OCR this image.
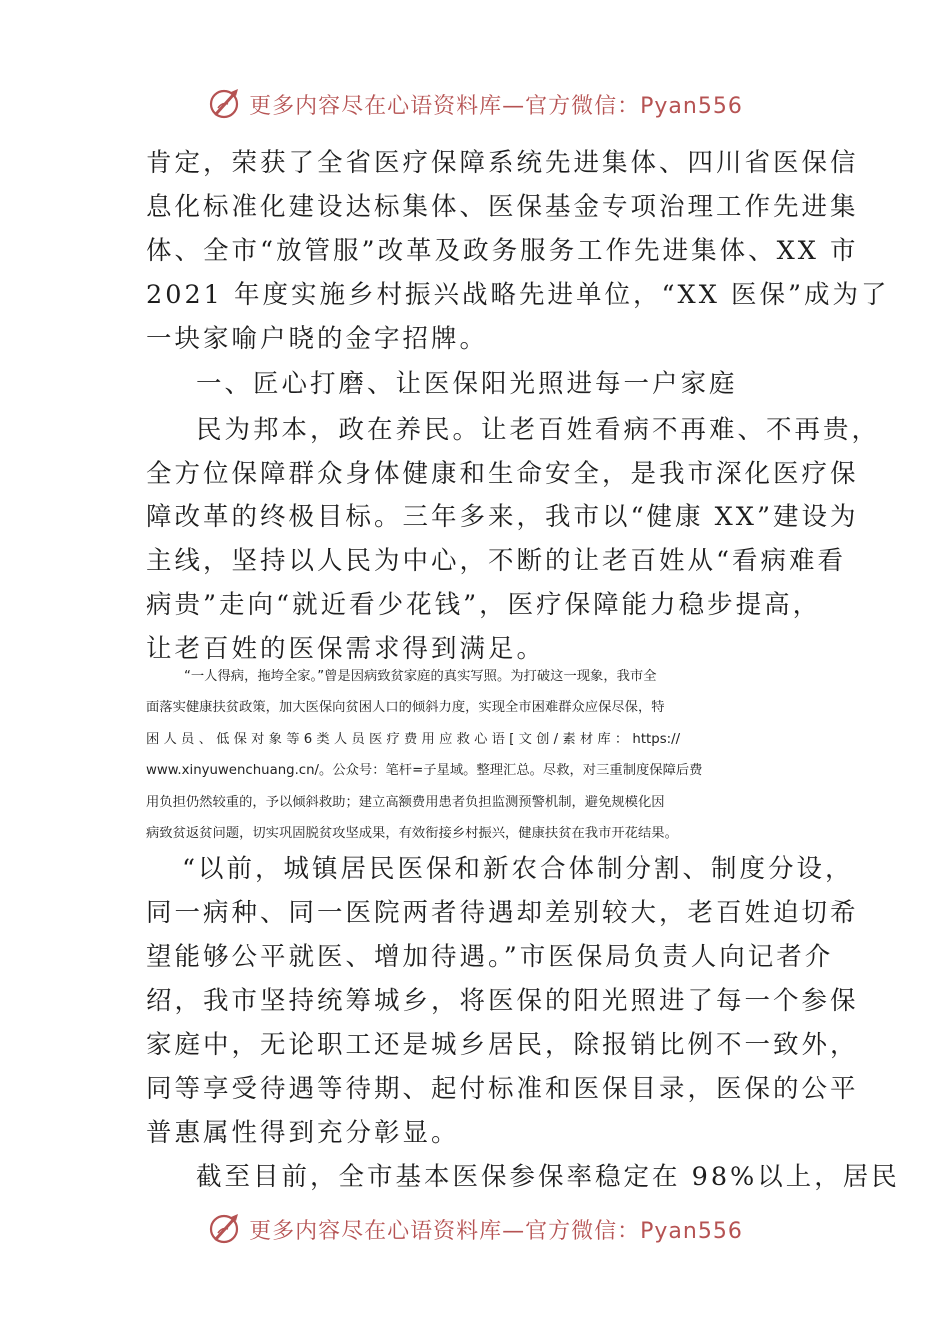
更多内容尽在心语资料库—官方微信：Pyan556
肯定，荣获了全省医疗保障系统先进集体、四川省医保信
息化标准化建设达标集体、医保基金专项治理工作先进集
体、全市“放管服”改革及政务服务工作先进集体、XX 市
2021 年度实施乡村振兴战略先进单位，“XX 医保”成为了
一块家喻户晓的金字招牌。
一、匠心打磨、让医保阳光照进每一户家庭
民为邦本，政在养民。让老百姓看病不再难、不再贵，
全方位保障群众身体健康和生命安全，是我市深化医疗保
障改革的终极目标。三年多来，我市以“健康 XX”建设为
主线，坚持以人民为中心，不断的让老百姓从“看病难看
病贵”走向“就近看少花钱”，医疗保障能力稳步提高，
让老百姓的医保需求得到满足。
“一人得病，拖垮全家。”曾是因病致贫家庭的真实写照。为打破这一现象，我市全
面落实健康扶贫政策，加大医保向贫困人口的倾斜力度，实现全市困难群众应保尽保，特
困 人 员 、 低 保 对 象 等 6 类 人 员 医 疗 费 用 应 救 心 语 [ 文 创 / 素 材 库 ： https://
www.xinyuwenchuang.cn/。公众号：笔杆=子星域。整理汇总。尽救，对三重制度保障后费
用负担仍然较重的，予以倾斜救助；建立高额费用患者负担监测预警机制，避免规模化因
病致贫返贫问题，切实巩固脱贫攻坚成果，有效衔接乡村振兴，健康扶贫在我市开花结果。
“以前，城镇居民医保和新农合体制分割、制度分设，
同一病种、同一医院两者待遇却差别较大，老百姓迫切希
望能够公平就医、增加待遇。”市医保局负责人向记者介
绍，我市坚持统筹城乡，将医保的阳光照进了每一个参保
家庭中，无论职工还是城乡居民，除报销比例不一致外，
同等享受待遇等待期、起付标准和医保目录，医保的公平
普惠属性得到充分彰显。
截至目前，全市基本医保参保率稳定在 98%以上，居民
更多内容尽在心语资料库—官方微信：Pyan556
